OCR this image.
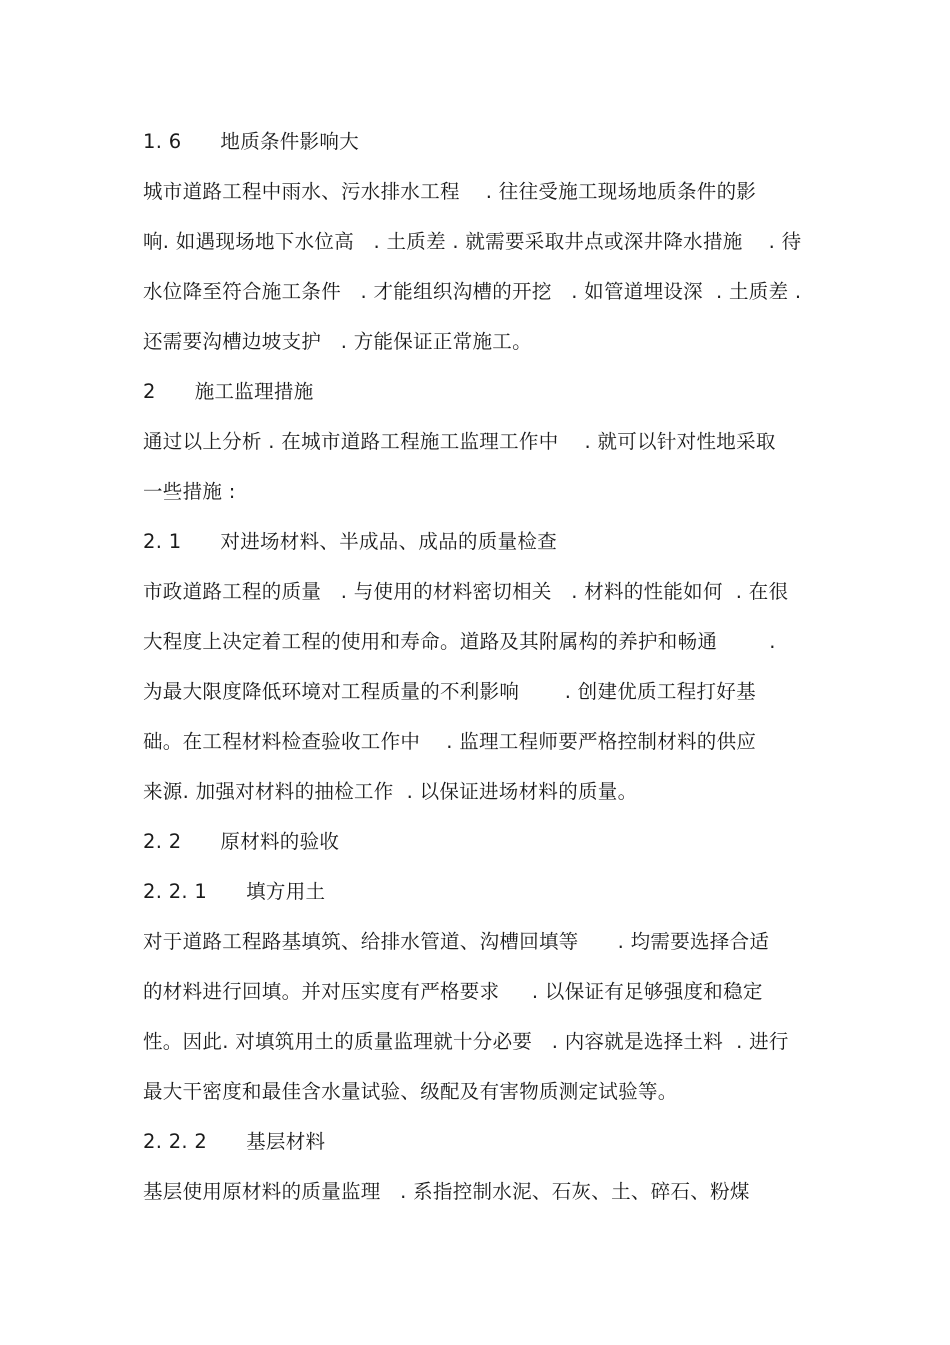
1. 6      地质条件影响大
城市道路工程中雨水、污水排水工程    . 往往受施工现场地质条件的影
响. 如遇现场地下水位高   . 土质差 . 就需要采取井点或深井降水措施    . 待
水位降至符合施工条件   . 才能组织沟槽的开挖   . 如管道埋设深  . 土质差 .
还需要沟槽边坡支护   . 方能保证正常施工。
2      施工监理措施
通过以上分析 . 在城市道路工程施工监理工作中    . 就可以针对性地采取
一些措施 :
2. 1      对进场材料、半成品、成品的质量检查
市政道路工程的质量   . 与使用的材料密切相关   . 材料的性能如何  . 在很
大程度上决定着工程的使用和寿命。道路及其附属构的养护和畅通        .
为最大限度降低环境对工程质量的不利影响       . 创建优质工程打好基
础。在工程材料检查验收工作中    . 监理工程师要严格控制材料的供应
来源. 加强对材料的抽检工作  . 以保证进场材料的质量。
2. 2      原材料的验收
2. 2. 1      填方用土
对于道路工程路基填筑、给排水管道、沟槽回填等      . 均需要选择合适
的材料进行回填。并对压实度有严格要求     . 以保证有足够强度和稳定
性。因此. 对填筑用土的质量监理就十分必要   . 内容就是选择土料  . 进行
最大干密度和最佳含水量试验、级配及有害物质测定试验等。
2. 2. 2      基层材料
基层使用原材料的质量监理   . 系指控制水泥、石灰、土、碎石、粉煤
